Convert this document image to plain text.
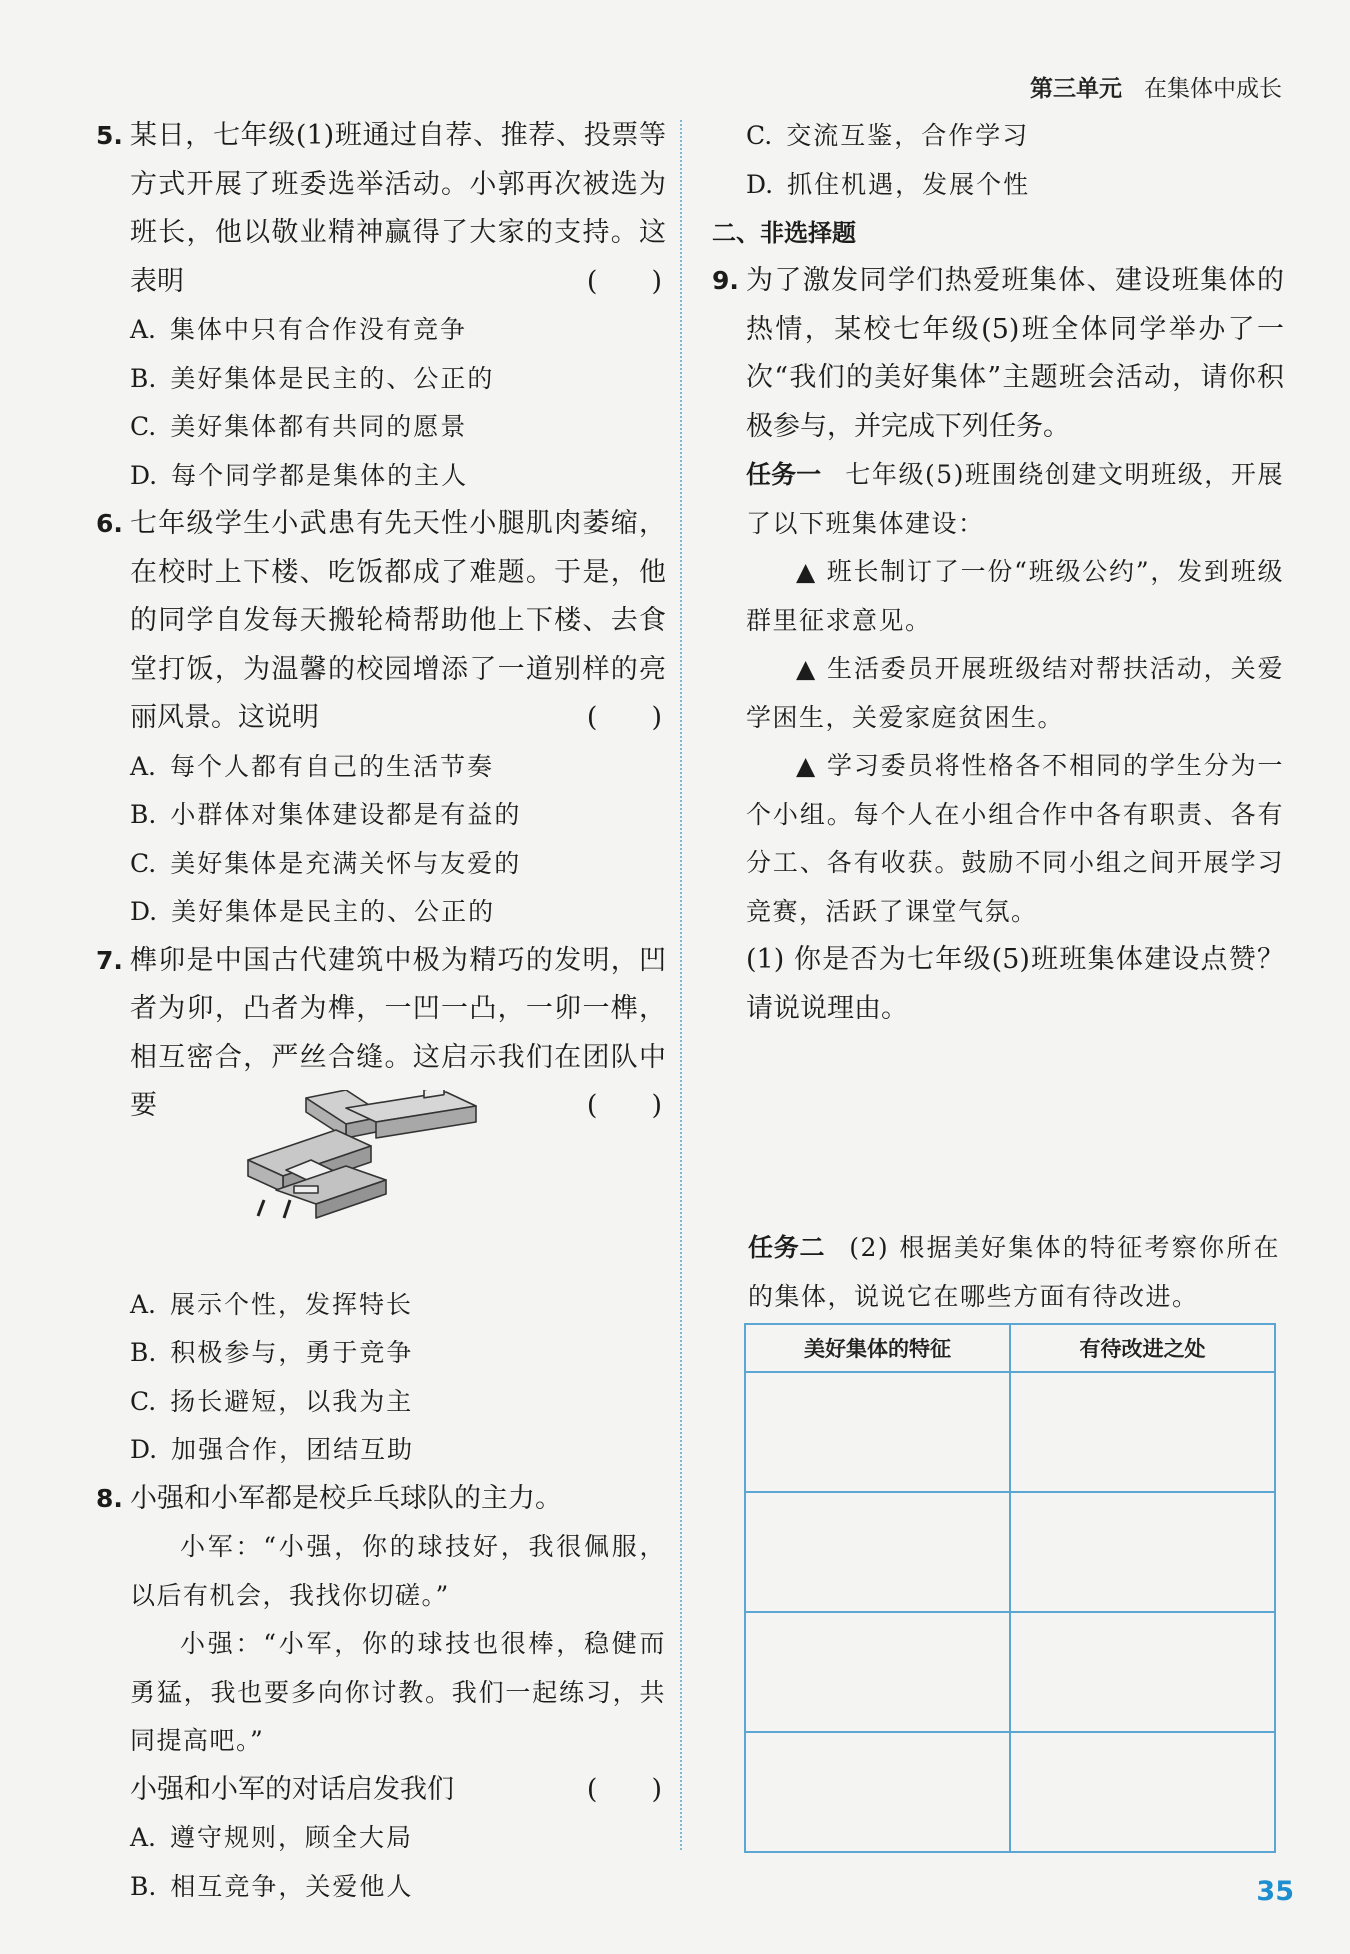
第三单元 在集体中成长
5. 某日，七年级(1)班通过自荐、推荐、投票等方式开展了班委选举活动。小郭再次被选为班长，他以敬业精神赢得了大家的支持。这表明	(　　)
A. 集体中只有合作没有竞争
B. 美好集体是民主的、公正的
C. 美好集体都有共同的愿景
D. 每个同学都是集体的主人
6. 七年级学生小武患有先天性小腿肌肉萎缩，在校时上下楼、吃饭都成了难题。于是，他的同学自发每天搬轮椅帮助他上下楼、去食堂打饭，为温馨的校园增添了一道别样的亮丽风景。这说明	(　　)
A. 每个人都有自己的生活节奏
B. 小群体对集体建设都是有益的
C. 美好集体是充满关怀与友爱的
D. 美好集体是民主的、公正的
7. 榫卯是中国古代建筑中极为精巧的发明，凹者为卯，凸者为榫，一凹一凸，一卯一榫，相互密合，严丝合缝。这启示我们在团队中要	(　　)
A. 展示个性，发挥特长
B. 积极参与，勇于竞争
C. 扬长避短，以我为主
D. 加强合作，团结互助
8. 小强和小军都是校乒乓球队的主力。
小军：“小强，你的球技好，我很佩服，以后有机会，我找你切磋。”
小强：“小军，你的球技也很棒，稳健而勇猛，我也要多向你讨教。我们一起练习，共同提高吧。”
小强和小军的对话启发我们	(　　)
A. 遵守规则，顾全大局
B. 相互竞争，关爱他人
C. 交流互鉴，合作学习
D. 抓住机遇，发展个性
二、非选择题
9. 为了激发同学们热爱班集体、建设班集体的热情，某校七年级(5)班全体同学举办了一次“我们的美好集体”主题班会活动，请你积极参与，并完成下列任务。
任务一 七年级(5)班围绕创建文明班级，开展了以下班集体建设：
▲ 班长制订了一份“班级公约”，发到班级群里征求意见。
▲ 生活委员开展班级结对帮扶活动，关爱学困生，关爱家庭贫困生。
▲ 学习委员将性格各不相同的学生分为一个小组。每个人在小组合作中各有职责、各有分工、各有收获。鼓励不同小组之间开展学习竞赛，活跃了课堂气氛。
(1) 你是否为七年级(5)班班集体建设点赞？请说说理由。
任务二 (2) 根据美好集体的特征考察你所在的集体，说说它在哪些方面有待改进。
美好集体的特征	有待改进之处

35
